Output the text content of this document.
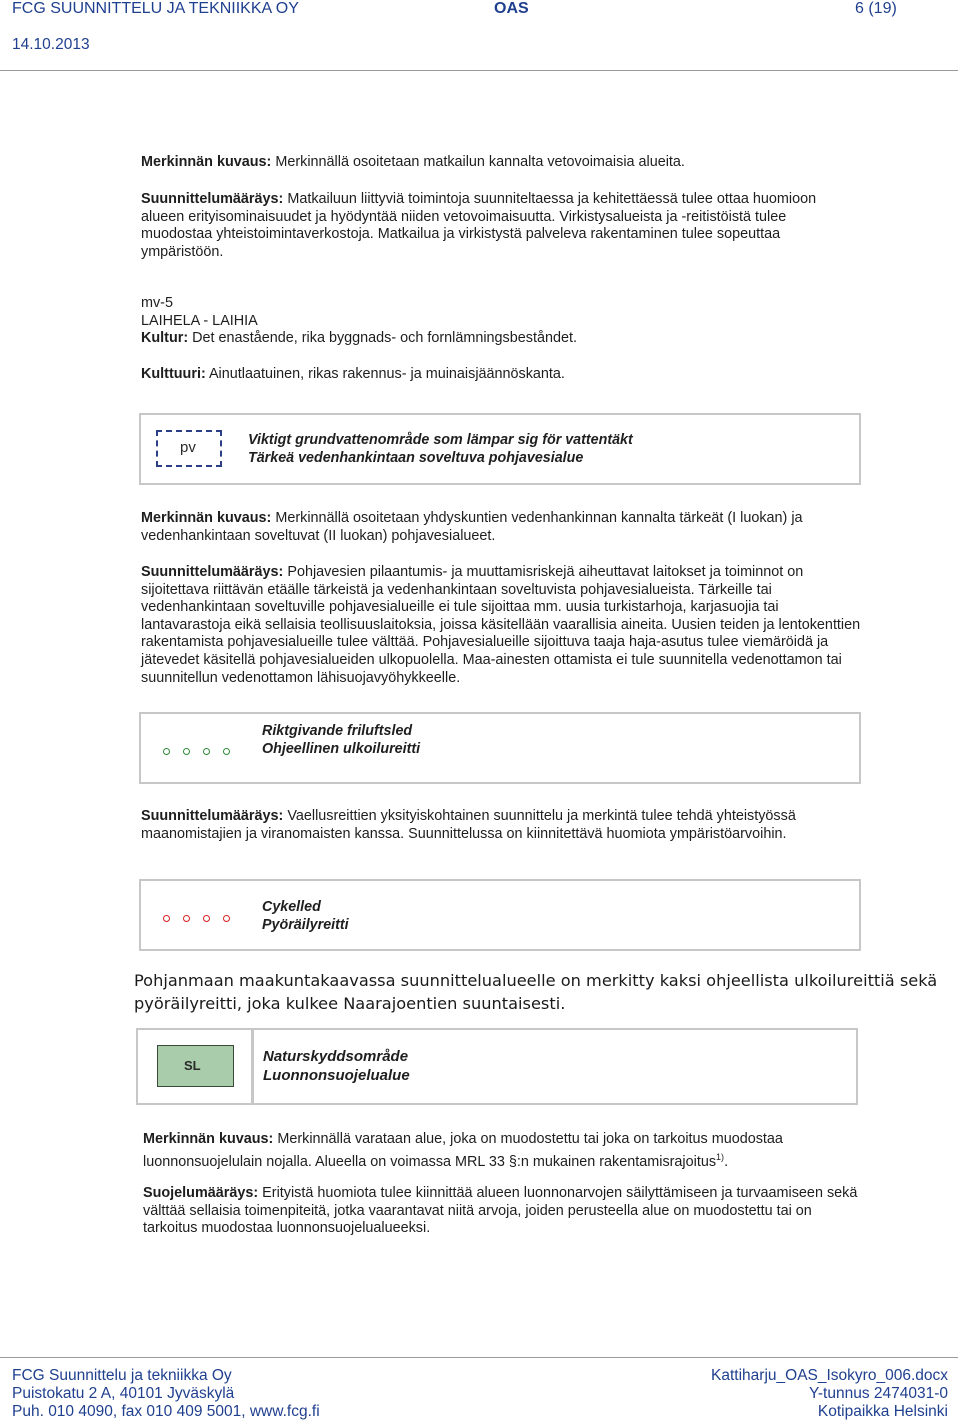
FCG SUUNNITTELU JA TEKNIIKKA OY	OAS	6 (19)
14.10.2013
Merkinnän kuvaus: Merkinnällä osoitetaan matkailun kannalta vetovoimaisia alueita.
Suunnittelumääräys: Matkailuun liittyviä toimintoja suunniteltaessa ja kehitettäessä tulee ottaa huomioon alueen erityisominaisuudet ja hyödyntää niiden vetovoimaisuutta. Virkistysalueista ja -reitistöistä tulee muodostaa yhteistoimintaverkostoja. Matkailua ja virkistystä palveleva rakentaminen tulee sopeuttaa ympäristöön.
mv-5
LAIHELA - LAIHIA
Kultur: Det enastående, rika byggnads- och fornlämningsbeståndet.
Kulttuuri: Ainutlaatuinen, rikas rakennus- ja muinaisjäännöskanta.
pv	Viktigt grundvattenområde som lämpar sig för vattentäkt
Tärkeä vedenhankintaan soveltuva pohjavesialue
Merkinnän kuvaus: Merkinnällä osoitetaan yhdyskuntien vedenhankinnan kannalta tärkeät (I luokan) ja vedenhankintaan soveltuvat (II luokan) pohjavesialueet.
Suunnittelumääräys: Pohjavesien pilaantumis- ja muuttamisriskejä aiheuttavat laitokset ja toiminnot on sijoitettava riittävän etäälle tärkeistä ja vedenhankintaan soveltuvista pohjavesialueista. Tärkeille tai vedenhankintaan soveltuville pohjavesialueille ei tule sijoittaa mm. uusia turkistarhoja, karjasuojia tai lantavarastoja eikä sellaisia teollisuuslaitoksia, joissa käsitellään vaarallisia aineita. Uusien teiden ja lentokenttien rakentamista pohjavesialueille tulee välttää. Pohjavesialueille sijoittuva taaja haja-asutus tulee viemäröidä ja jätevedet käsitellä pohjavesialueiden ulkopuolella. Maa-ainesten ottamista ei tule suunnitella vedenottamon tai suunnitellun vedenottamon lähisuojavyöhykkeelle.
Riktgivande friluftsled
Ohjeellinen ulkoilureitti
Suunnittelumääräys: Vaellusreittien yksityiskohtainen suunnittelu ja merkintä tulee tehdä yhteistyössä maanomistajien ja viranomaisten kanssa. Suunnittelussa on kiinnitettävä huomiota ympäristöarvoihin.
Cykelled
Pyöräilyreitti
Pohjanmaan maakuntakaavassa suunnittelualueelle on merkitty kaksi ohjeellista ulkoilureittiä sekä pyöräilyreitti, joka kulkee Naarajoentien suuntaisesti.
SL
Naturskyddsområde
Luonnonsuojelualue
Merkinnän kuvaus: Merkinnällä varataan alue, joka on muodostettu tai joka on tarkoitus muodostaa luonnonsuojelulain nojalla. Alueella on voimassa MRL 33 §:n mukainen rakentamisrajoitus$^{1)}$.
Suojelumääräys: Erityistä huomiota tulee kiinnittää alueen luonnonarvojen säilyttämiseen ja turvaamiseen sekä välttää sellaisia toimenpiteitä, jotka vaarantavat niitä arvoja, joiden perusteella alue on muodostettu tai on tarkoitus muodostaa luonnonsuojelualueeksi.
FCG Suunnittelu ja tekniikka Oy
Puistokatu 2 A, 40101 Jyväskylä
Puh. 010 4090, fax 010 409 5001, www.fcg.fi
Kattiharju_OAS_Isokyro_006.docx
Y-tunnus 2474031-0
Kotipaikka Helsinki
